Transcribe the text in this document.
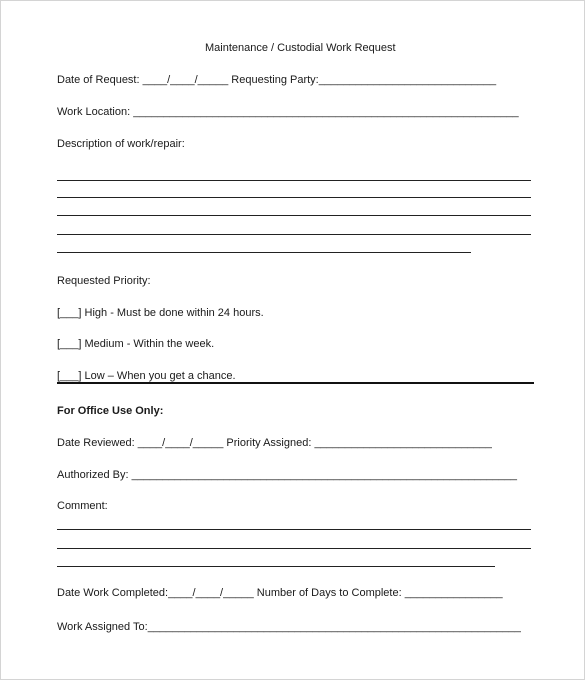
Maintenance / Custodial Work Request
Date of Request: ____/____/_____ Requesting Party:_____________________________
Work Location: _______________________________________________________________
Description of work/repair:
Requested Priority:
[___] High - Must be done within 24 hours.
[___] Medium - Within the week.
[___] Low – When you get a chance.
For Office Use Only:
Date Reviewed: ____/____/_____ Priority Assigned: _____________________________
Authorized By: _______________________________________________________________
Comment:
Date Work Completed:____/____/_____ Number of Days to Complete: ________________
Work Assigned To:_____________________________________________________________
